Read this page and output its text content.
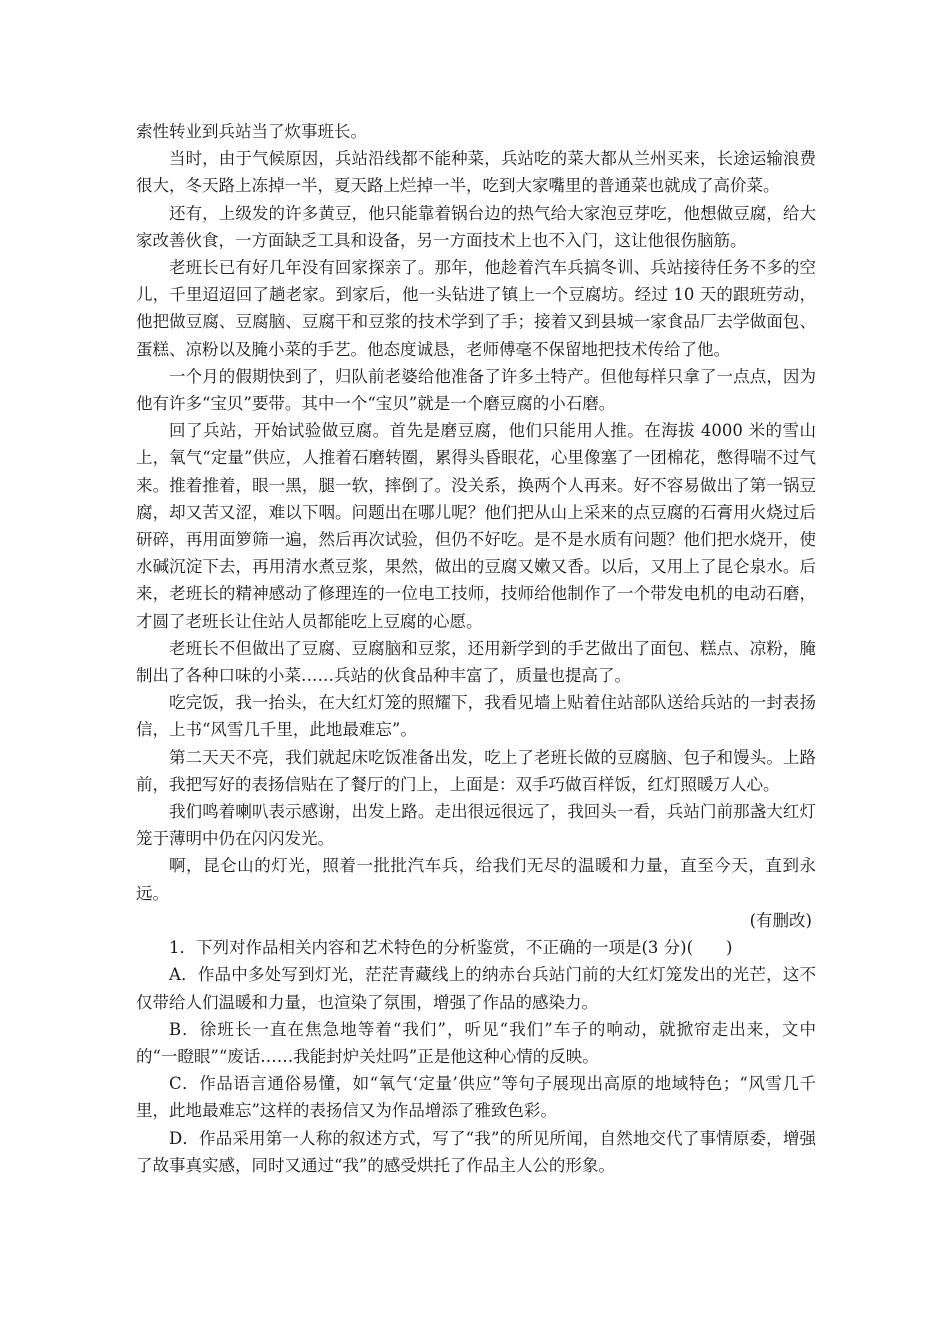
索性转业到兵站当了炊事班长。

当时，由于气候原因，兵站沿线都不能种菜，兵站吃的菜大都从兰州买来，长途运输浪费很大，冬天路上冻掉一半，夏天路上烂掉一半，吃到大家嘴里的普通菜也就成了高价菜。

还有，上级发的许多黄豆，他只能靠着锅台边的热气给大家泡豆芽吃，他想做豆腐，给大家改善伙食，一方面缺乏工具和设备，另一方面技术上也不入门，这让他很伤脑筋。

老班长已有好几年没有回家探亲了。那年，他趁着汽车兵搞冬训、兵站接待任务不多的空儿，千里迢迢回了趟老家。到家后，他一头钻进了镇上一个豆腐坊。经过 10 天的跟班劳动，他把做豆腐、豆腐脑、豆腐干和豆浆的技术学到了手；接着又到县城一家食品厂去学做面包、蛋糕、凉粉以及腌小菜的手艺。他态度诚恳，老师傅毫不保留地把技术传给了他。

一个月的假期快到了，归队前老婆给他准备了许多土特产。但他每样只拿了一点点，因为他有许多“宝贝”要带。其中一个“宝贝”就是一个磨豆腐的小石磨。

回了兵站，开始试验做豆腐。首先是磨豆腐，他们只能用人推。在海拔 4000 米的雪山上，氧气“定量”供应，人推着石磨转圈，累得头昏眼花，心里像塞了一团棉花，憋得喘不过气来。推着推着，眼一黑，腿一软，摔倒了。没关系，换两个人再来。好不容易做出了第一锅豆腐，却又苦又涩，难以下咽。问题出在哪儿呢？他们把从山上采来的点豆腐的石膏用火烧过后研碎，再用面箩筛一遍，然后再次试验，但仍不好吃。是不是水质有问题？他们把水烧开，使水碱沉淀下去，再用清水煮豆浆，果然，做出的豆腐又嫩又香。以后，又用上了昆仑泉水。后来，老班长的精神感动了修理连的一位电工技师，技师给他制作了一个带发电机的电动石磨，才圆了老班长让住站人员都能吃上豆腐的心愿。

老班长不但做出了豆腐、豆腐脑和豆浆，还用新学到的手艺做出了面包、糕点、凉粉，腌制出了各种口味的小菜……兵站的伙食品种丰富了，质量也提高了。

吃完饭，我一抬头，在大红灯笼的照耀下，我看见墙上贴着住站部队送给兵站的一封表扬信，上书“风雪几千里，此地最难忘”。

第二天天不亮，我们就起床吃饭准备出发，吃上了老班长做的豆腐脑、包子和馒头。上路前，我把写好的表扬信贴在了餐厅的门上，上面是：双手巧做百样饭，红灯照暖万人心。

我们鸣着喇叭表示感谢，出发上路。走出很远很远了，我回头一看，兵站门前那盏大红灯笼于薄明中仍在闪闪发光。

啊，昆仑山的灯光，照着一批批汽车兵，给我们无尽的温暖和力量，直至今天，直到永远。

(有删改)

1．下列对作品相关内容和艺术特色的分析鉴赏，不正确的一项是(3 分)(　　)

A．作品中多处写到灯光，茫茫青藏线上的纳赤台兵站门前的大红灯笼发出的光芒，这不仅带给人们温暖和力量，也渲染了氛围，增强了作品的感染力。

B．徐班长一直在焦急地等着“我们”，听见“我们”车子的响动，就掀帘走出来，文中的“一瞪眼”“废话……我能封炉关灶吗”正是他这种心情的反映。

C．作品语言通俗易懂，如“氧气‘定量’供应”等句子展现出高原的地域特色；“风雪几千里，此地最难忘”这样的表扬信又为作品增添了雅致色彩。

D．作品采用第一人称的叙述方式，写了“我”的所见所闻，自然地交代了事情原委，增强了故事真实感，同时又通过“我”的感受烘托了作品主人公的形象。
